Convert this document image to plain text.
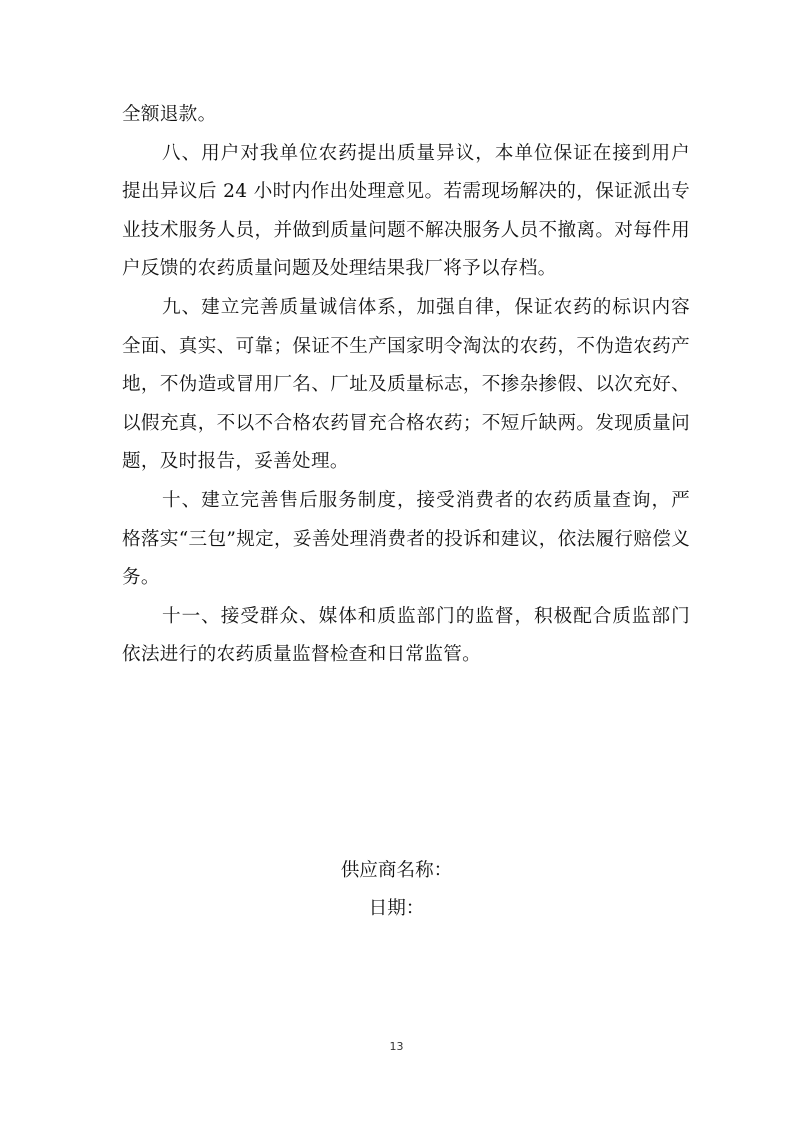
全额退款。

八、用户对我单位农药提出质量异议，本单位保证在接到用户提出异议后 24 小时内作出处理意见。若需现场解决的，保证派出专业技术服务人员，并做到质量问题不解决服务人员不撤离。对每件用户反馈的农药质量问题及处理结果我厂将予以存档。

九、建立完善质量诚信体系，加强自律，保证农药的标识内容全面、真实、可靠；保证不生产国家明令淘汰的农药，不伪造农药产地，不伪造或冒用厂名、厂址及质量标志，不掺杂掺假、以次充好、以假充真，不以不合格农药冒充合格农药；不短斤缺两。发现质量问题，及时报告，妥善处理。

十、建立完善售后服务制度，接受消费者的农药质量查询，严格落实“三包”规定，妥善处理消费者的投诉和建议，依法履行赔偿义务。

十一、接受群众、媒体和质监部门的监督，积极配合质监部门依法进行的农药质量监督检查和日常监管。

供应商名称：
日期：
13
